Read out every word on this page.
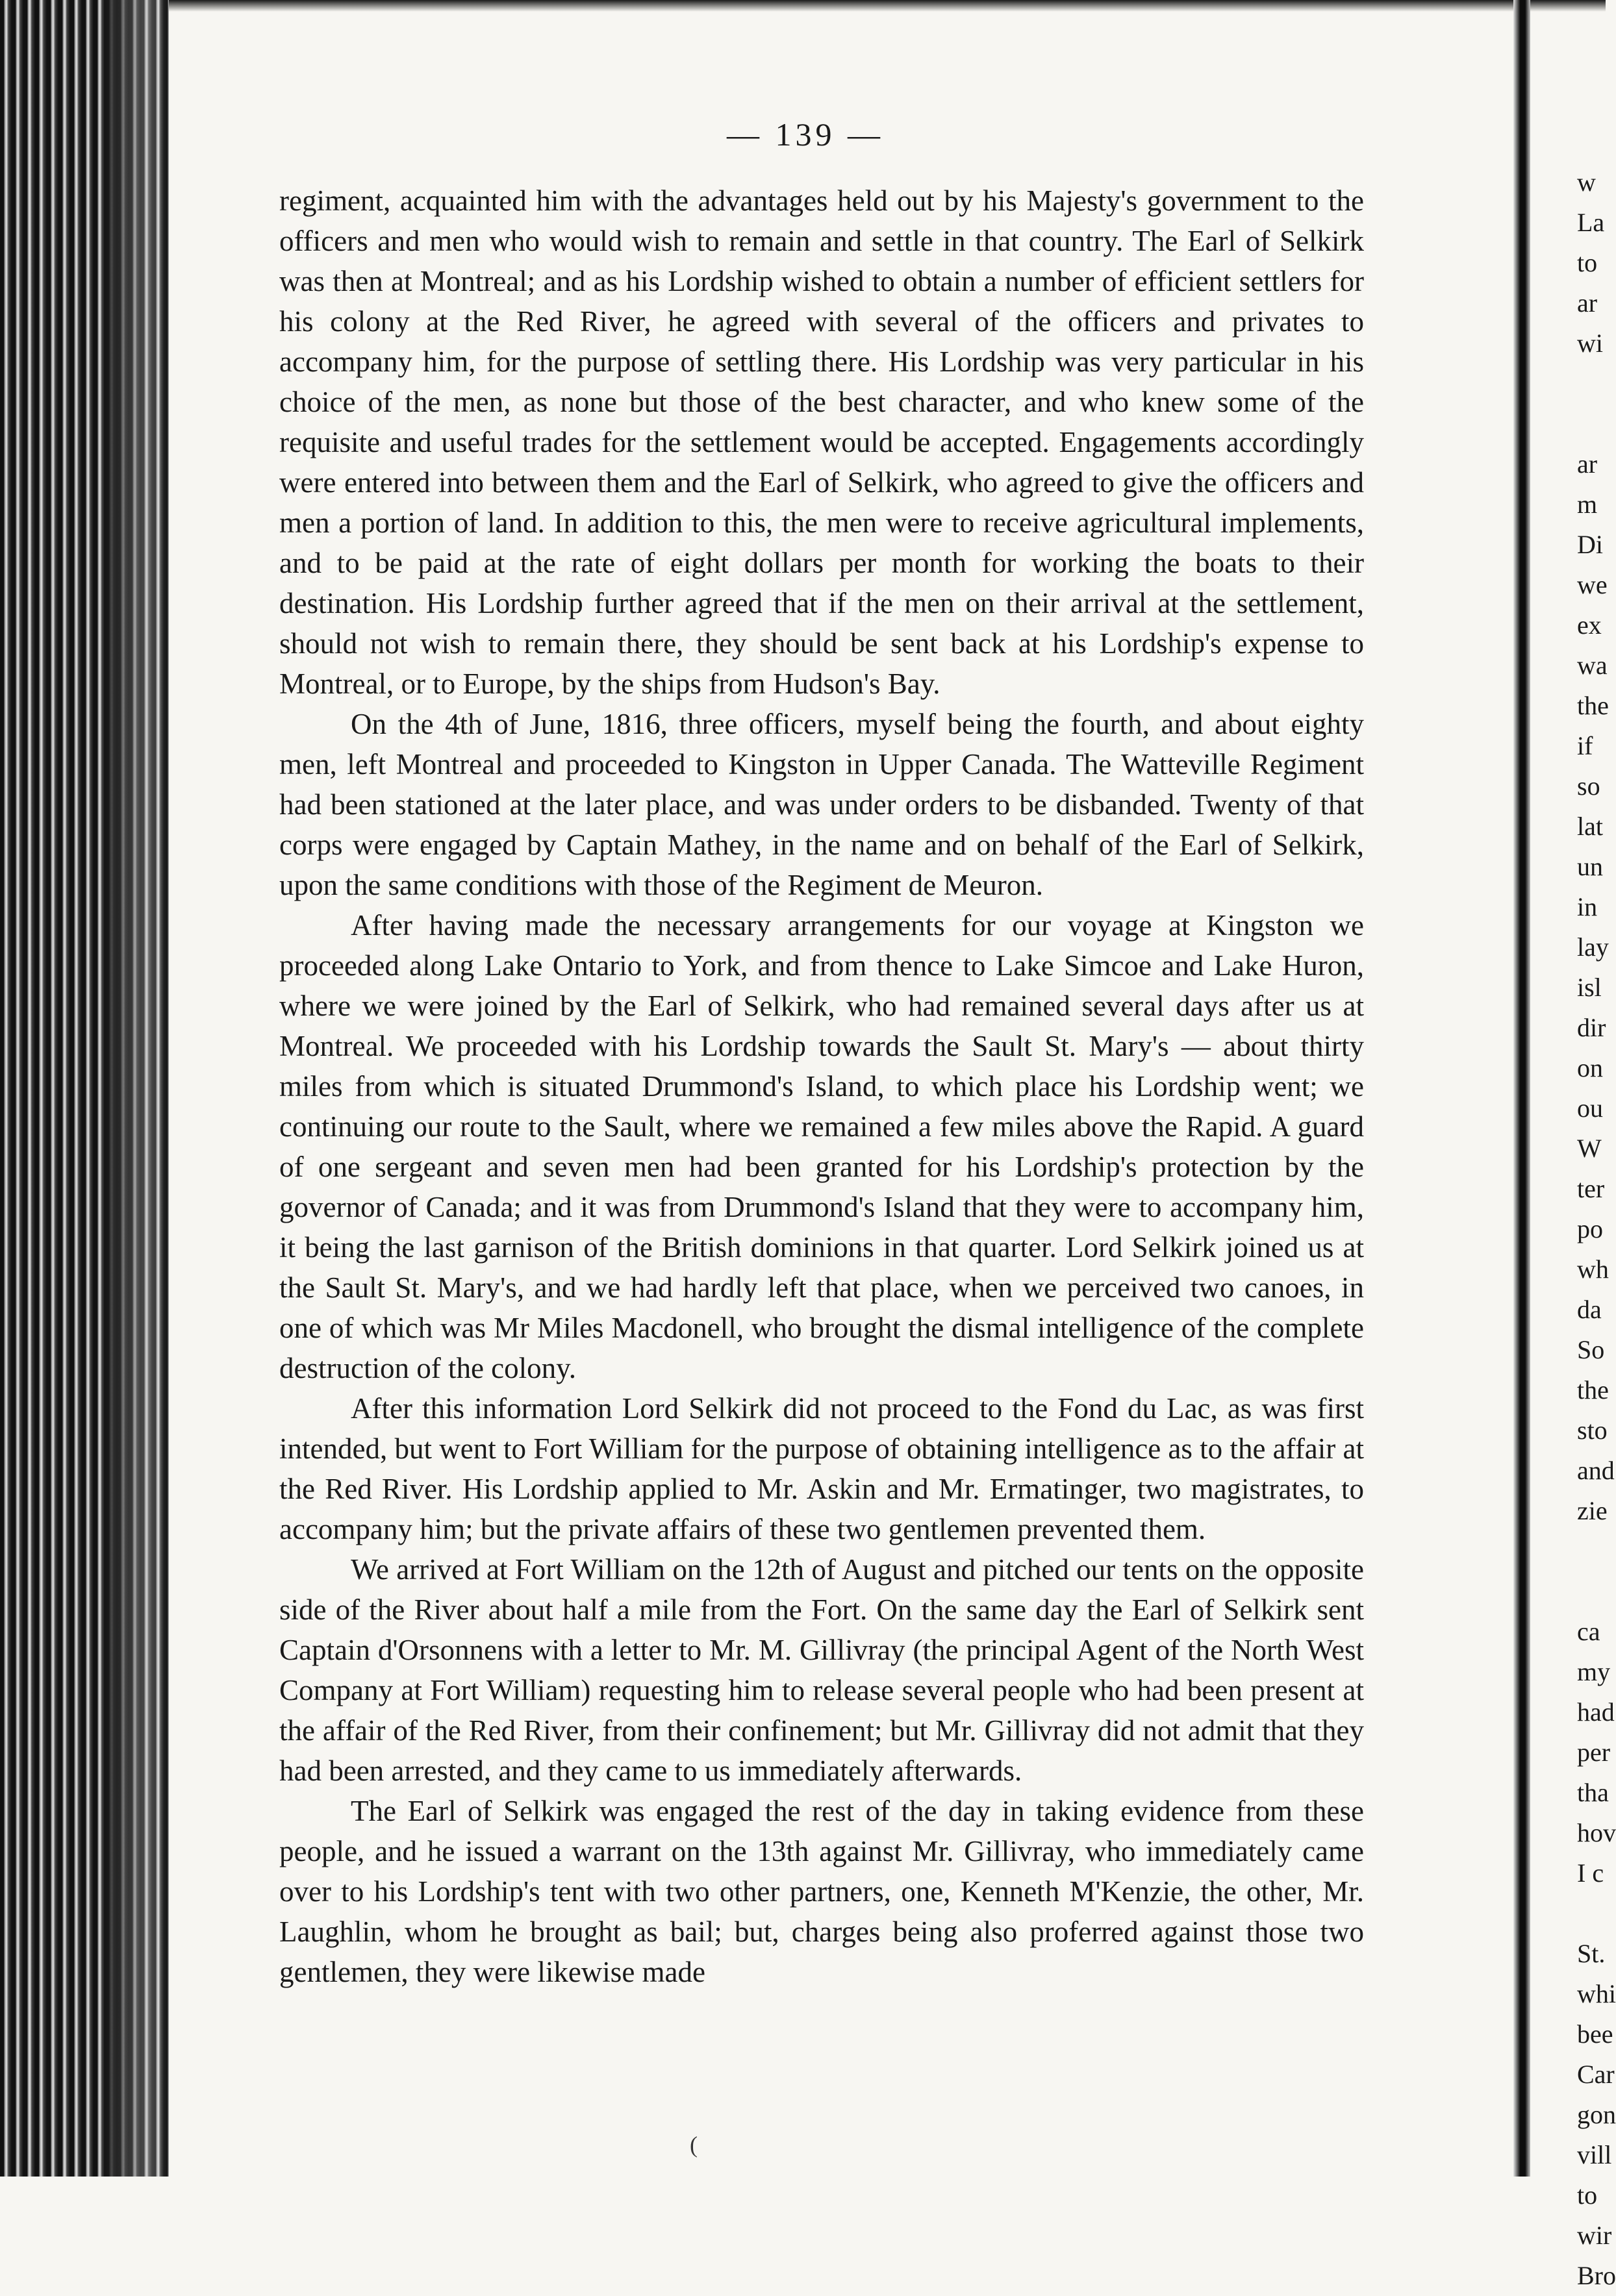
— 139 —

regiment, acquainted him with the advantages held out by his Majesty's government to the officers and men who would wish to remain and settle in that country. The Earl of Selkirk was then at Montreal; and as his Lordship wished to obtain a number of efficient settlers for his colony at the Red River, he agreed with several of the officers and privates to accompany him, for the purpose of settling there. His Lordship was very particular in his choice of the men, as none but those of the best character, and who knew some of the requisite and useful trades for the settlement would be accepted. Engagements accordingly were entered into between them and the Earl of Selkirk, who agreed to give the officers and men a portion of land. In addition to this, the men were to receive agricultural implements, and to be paid at the rate of eight dollars per month for working the boats to their destination. His Lordship further agreed that if the men on their arrival at the settlement, should not wish to remain there, they should be sent back at his Lordship's expense to Montreal, or to Europe, by the ships from Hudson's Bay.

On the 4th of June, 1816, three officers, myself being the fourth, and about eighty men, left Montreal and proceeded to Kingston in Upper Canada. The Watteville Regiment had been stationed at the later place, and was under orders to be disbanded. Twenty of that corps were engaged by Captain Mathey, in the name and on behalf of the Earl of Selkirk, upon the same conditions with those of the Regiment de Meuron.

After having made the necessary arrangements for our voyage at Kingston we proceeded along Lake Ontario to York, and from thence to Lake Simcoe and Lake Huron, where we were joined by the Earl of Selkirk, who had remained several days after us at Montreal. We proceeded with his Lordship towards the Sault St. Mary's — about thirty miles from which is situated Drummond's Island, to which place his Lordship went; we continuing our route to the Sault, where we remained a few miles above the Rapid. A guard of one sergeant and seven men had been granted for his Lordship's protection by the governor of Canada; and it was from Drummond's Island that they were to accompany him, it being the last garnison of the British dominions in that quarter. Lord Selkirk joined us at the Sault St. Mary's, and we had hardly left that place, when we perceived two canoes, in one of which was Mr Miles Macdonell, who brought the dismal intelligence of the complete destruction of the colony.

After this information Lord Selkirk did not proceed to the Fond du Lac, as was first intended, but went to Fort William for the purpose of obtaining intelligence as to the affair at the Red River. His Lordship applied to Mr. Askin and Mr. Ermatinger, two magistrates, to accompany him; but the private affairs of these two gentlemen prevented them.

We arrived at Fort William on the 12th of August and pitched our tents on the opposite side of the River about half a mile from the Fort. On the same day the Earl of Selkirk sent Captain d'Orsonnens with a letter to Mr. M. Gillivray (the principal Agent of the North West Company at Fort William) requesting him to release several people who had been present at the affair of the Red River, from their confinement; but Mr. Gillivray did not admit that they had been arrested, and they came to us immediately afterwards.

The Earl of Selkirk was engaged the rest of the day in taking evidence from these people, and he issued a warrant on the 13th against Mr. Gillivray, who immediately came over to his Lordship's tent with two other partners, one, Kenneth M'Kenzie, the other, Mr. Laughlin, whom he brought as bail; but, charges being also proferred against those two gentlemen, they were likewise made

w
La
to
ar
wi
ar
m
Di
we
ex
wa
the
if
so
lat
un
in
lay
isl
dir
on
ou
W
ter
po
wh
da
So
the
sto
and
zie
ca
my
had
per
tha
hov
I c
St.
whi
bee
Car
gon
vill
to
wir
Bro
(
